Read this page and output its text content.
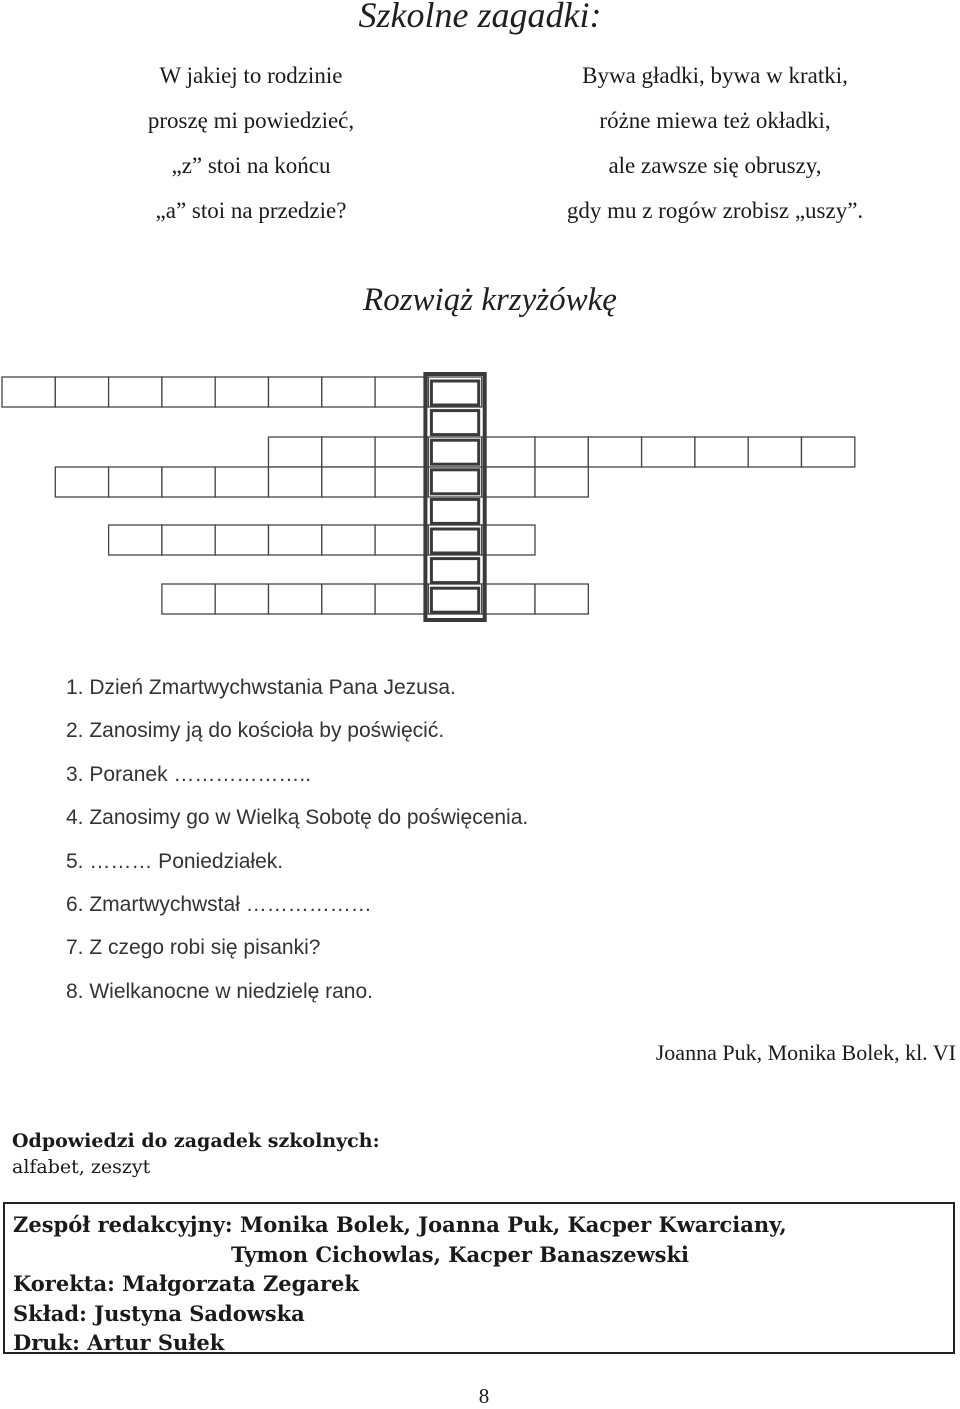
Szkolne zagadki:
W jakiej to rodzinie
proszę mi powiedzieć,
„z” stoi na końcu
„a” stoi na przedzie?
Bywa gładki, bywa w kratki,
różne miewa też okładki,
ale zawsze się obruszy,
gdy mu z rogów zrobisz „uszy”.
Rozwiąż krzyżówkę
1. Dzień Zmartwychwstania Pana Jezusa.
2. Zanosimy ją do kościoła by poświęcić.
3. Poranek ………………..
4. Zanosimy go w Wielką Sobotę do poświęcenia.
5. ……… Poniedziałek.
6. Zmartwychwstał ………………
7. Z czego robi się pisanki?
8. Wielkanocne w niedzielę rano.
Joanna Puk, Monika Bolek, kl. VI
Odpowiedzi do zagadek szkolnych:
alfabet, zeszyt
Zespół redakcyjny: Monika Bolek, Joanna Puk, Kacper Kwarciany,
Tymon Cichowlas, Kacper Banaszewski
Korekta: Małgorzata Zegarek
Skład: Justyna Sadowska
Druk: Artur Sułek
8
